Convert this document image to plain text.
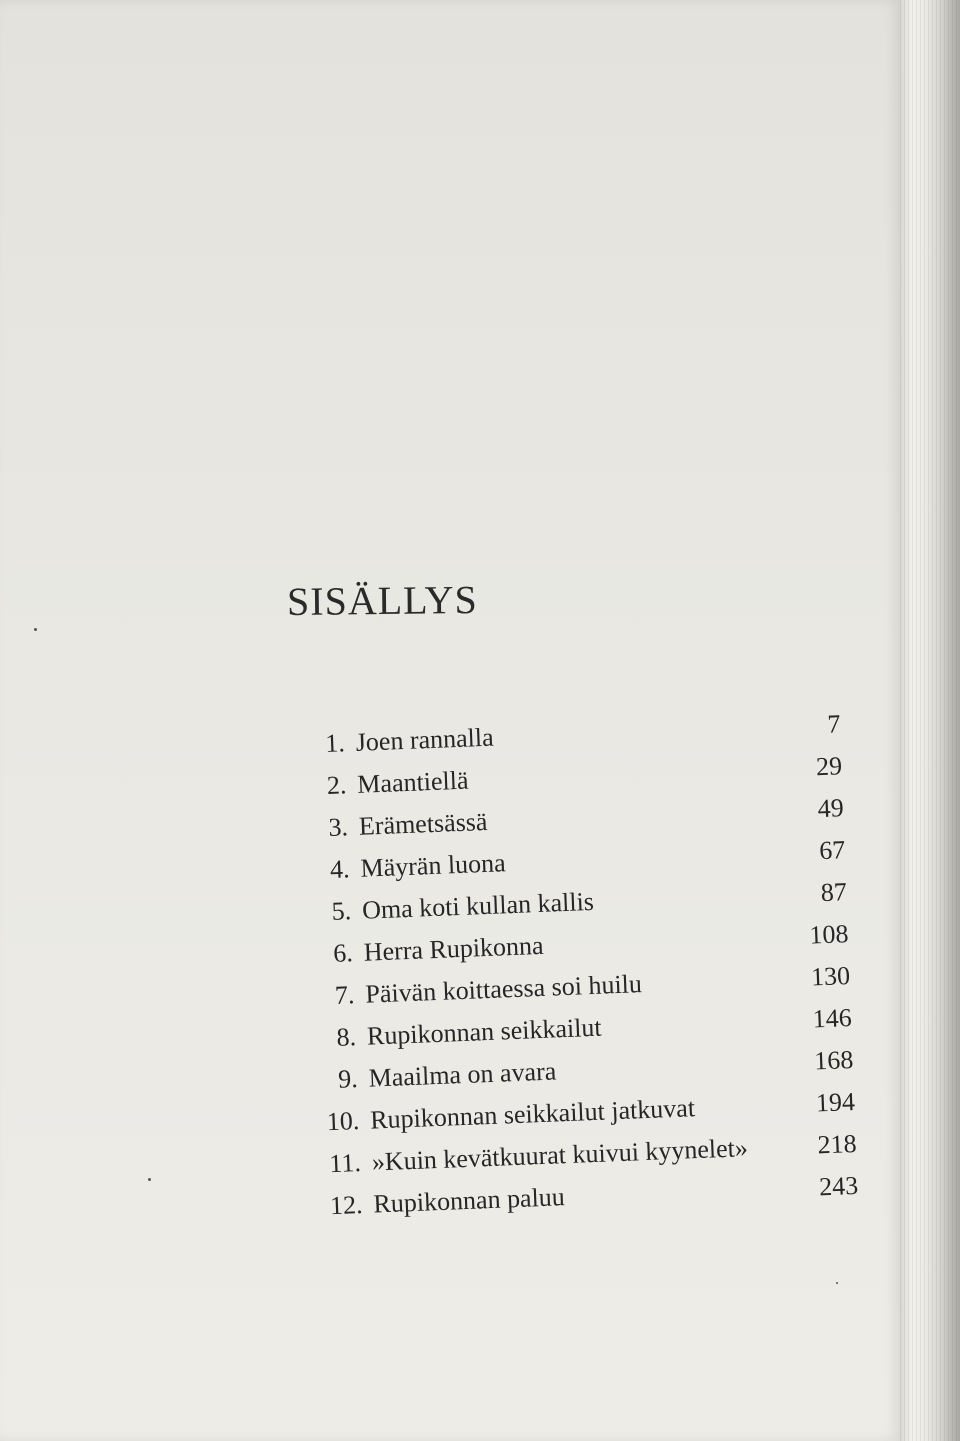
SISÄLLYS
1. Joen rannalla	7
2. Maantiellä	29
3. Erämetsässä	49
4. Mäyrän luona	67
5. Oma koti kullan kallis	87
6. Herra Rupikonna	108
7. Päivän koittaessa soi huilu	130
8. Rupikonnan seikkailut	146
9. Maailma on avara	168
10. Rupikonnan seikkailut jatkuvat	194
11. »Kuin kevätkuurat kuivui kyynelet»	218
12. Rupikonnan paluu	243
